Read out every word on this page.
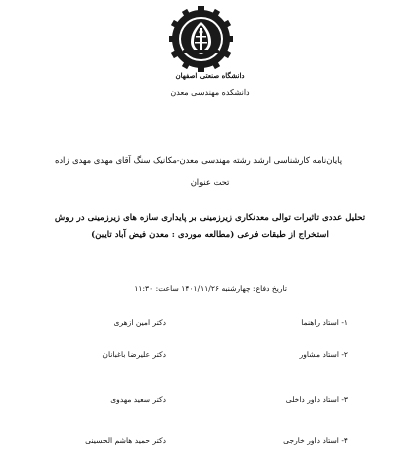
دانشگاه صنعتی اصفهان
دانشکده مهندسی معدن
پایان‌نامه کارشناسی ارشد رشته مهندسی معدن-مکانیک سنگ آقای مهدی مهدی زاده
تحت عنوان
تحلیل عددی تاثیرات توالی معدنکاری زیرزمینی بر پایداری سازه های زیرزمینی در روش
استخراج از طبقات فرعی (مطالعه موردی : معدن فیض آباد تایبن)
تاریخ دفاع: چهارشنبه ۱۴۰۱/۱۱/۲۶ ساعت: ۱۱:۳۰
۱- استاد راهنما
دکتر امین ازهری
۲- استاد مشاور
دکتر علیرضا باغبانان
۳- استاد داور داخلی
دکتر سعید مهدوی
۴- استاد داور خارجی
دکتر حمید هاشم الحسینی
